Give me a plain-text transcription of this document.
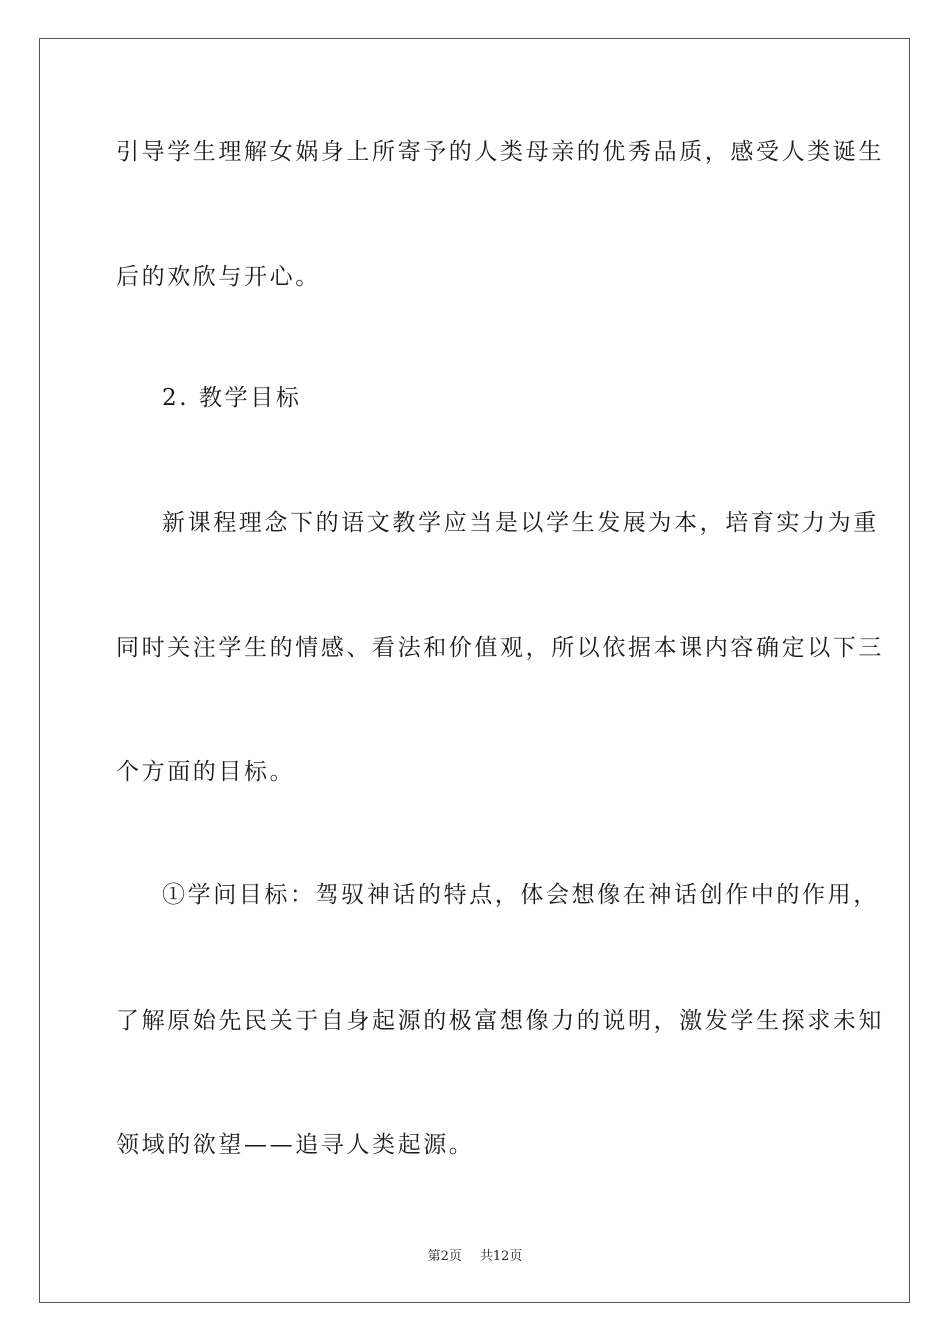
引导学生理解女娲身上所寄予的人类母亲的优秀品质，感受人类诞生
后的欢欣与开心。
2. 教学目标
新课程理念下的语文教学应当是以学生发展为本，培育实力为重
同时关注学生的情感、看法和价值观，所以依据本课内容确定以下三
个方面的目标。
①学问目标：驾驭神话的特点，体会想像在神话创作中的作用，
了解原始先民关于自身起源的极富想像力的说明，激发学生探求未知
领域的欲望——追寻人类起源。
第2页 共12页
